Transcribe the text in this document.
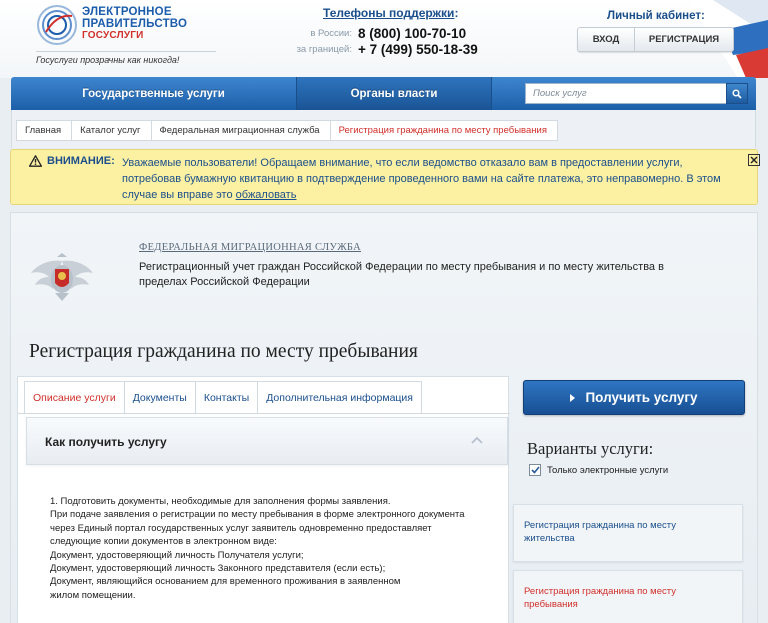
ЭЛЕКТРОННОЕ
ПРАВИТЕЛЬСТВО
ГОСУСЛУГИ
Госуслуги прозрачны как никогда!
Телефоны поддержки:
в России: 8 (800) 100-70-10
за границей: + 7 (499) 550-18-39
Личный кабинет:
ВХОД	РЕГИСТРАЦИЯ
Государственные услуги	Органы власти
Поиск услуг
Главная Каталог услуг Федеральная миграционная служба Регистрация гражданина по месту пребывания
ВНИМАНИЕ: Уважаемые пользователи! Обращаем внимание, что если ведомство отказало вам в предоставлении услуги, потребовав бумажную квитанцию в подтверждение проведенного вами на сайте платежа, это неправомерно. В этом случае вы вправе это обжаловать
ФЕДЕРАЛЬНАЯ МИГРАЦИОННАЯ СЛУЖБА
Регистрационный учет граждан Российской Федерации по месту пребывания и по месту жительства в пределах Российской Федерации
Регистрация гражданина по месту пребывания
Описание услуги	Документы	Контакты	Дополнительная информация
Как получить услугу
1. Подготовить документы, необходимые для заполнения формы заявления.
При подаче заявления о регистрации по месту пребывания в форме электронного документа
через Единый портал государственных услуг заявитель одновременно предоставляет
следующие копии документов в электронном виде:
Документ, удостоверяющий личность Получателя услуги;
Документ, удостоверяющий личность Законного представителя (если есть);
Документ, являющийся основанием для временного проживания в заявленном
жилом помещении.
Получить услугу
Варианты услуги:
Только электронные услуги
Регистрация гражданина по месту жительства
Регистрация гражданина по месту пребывания
